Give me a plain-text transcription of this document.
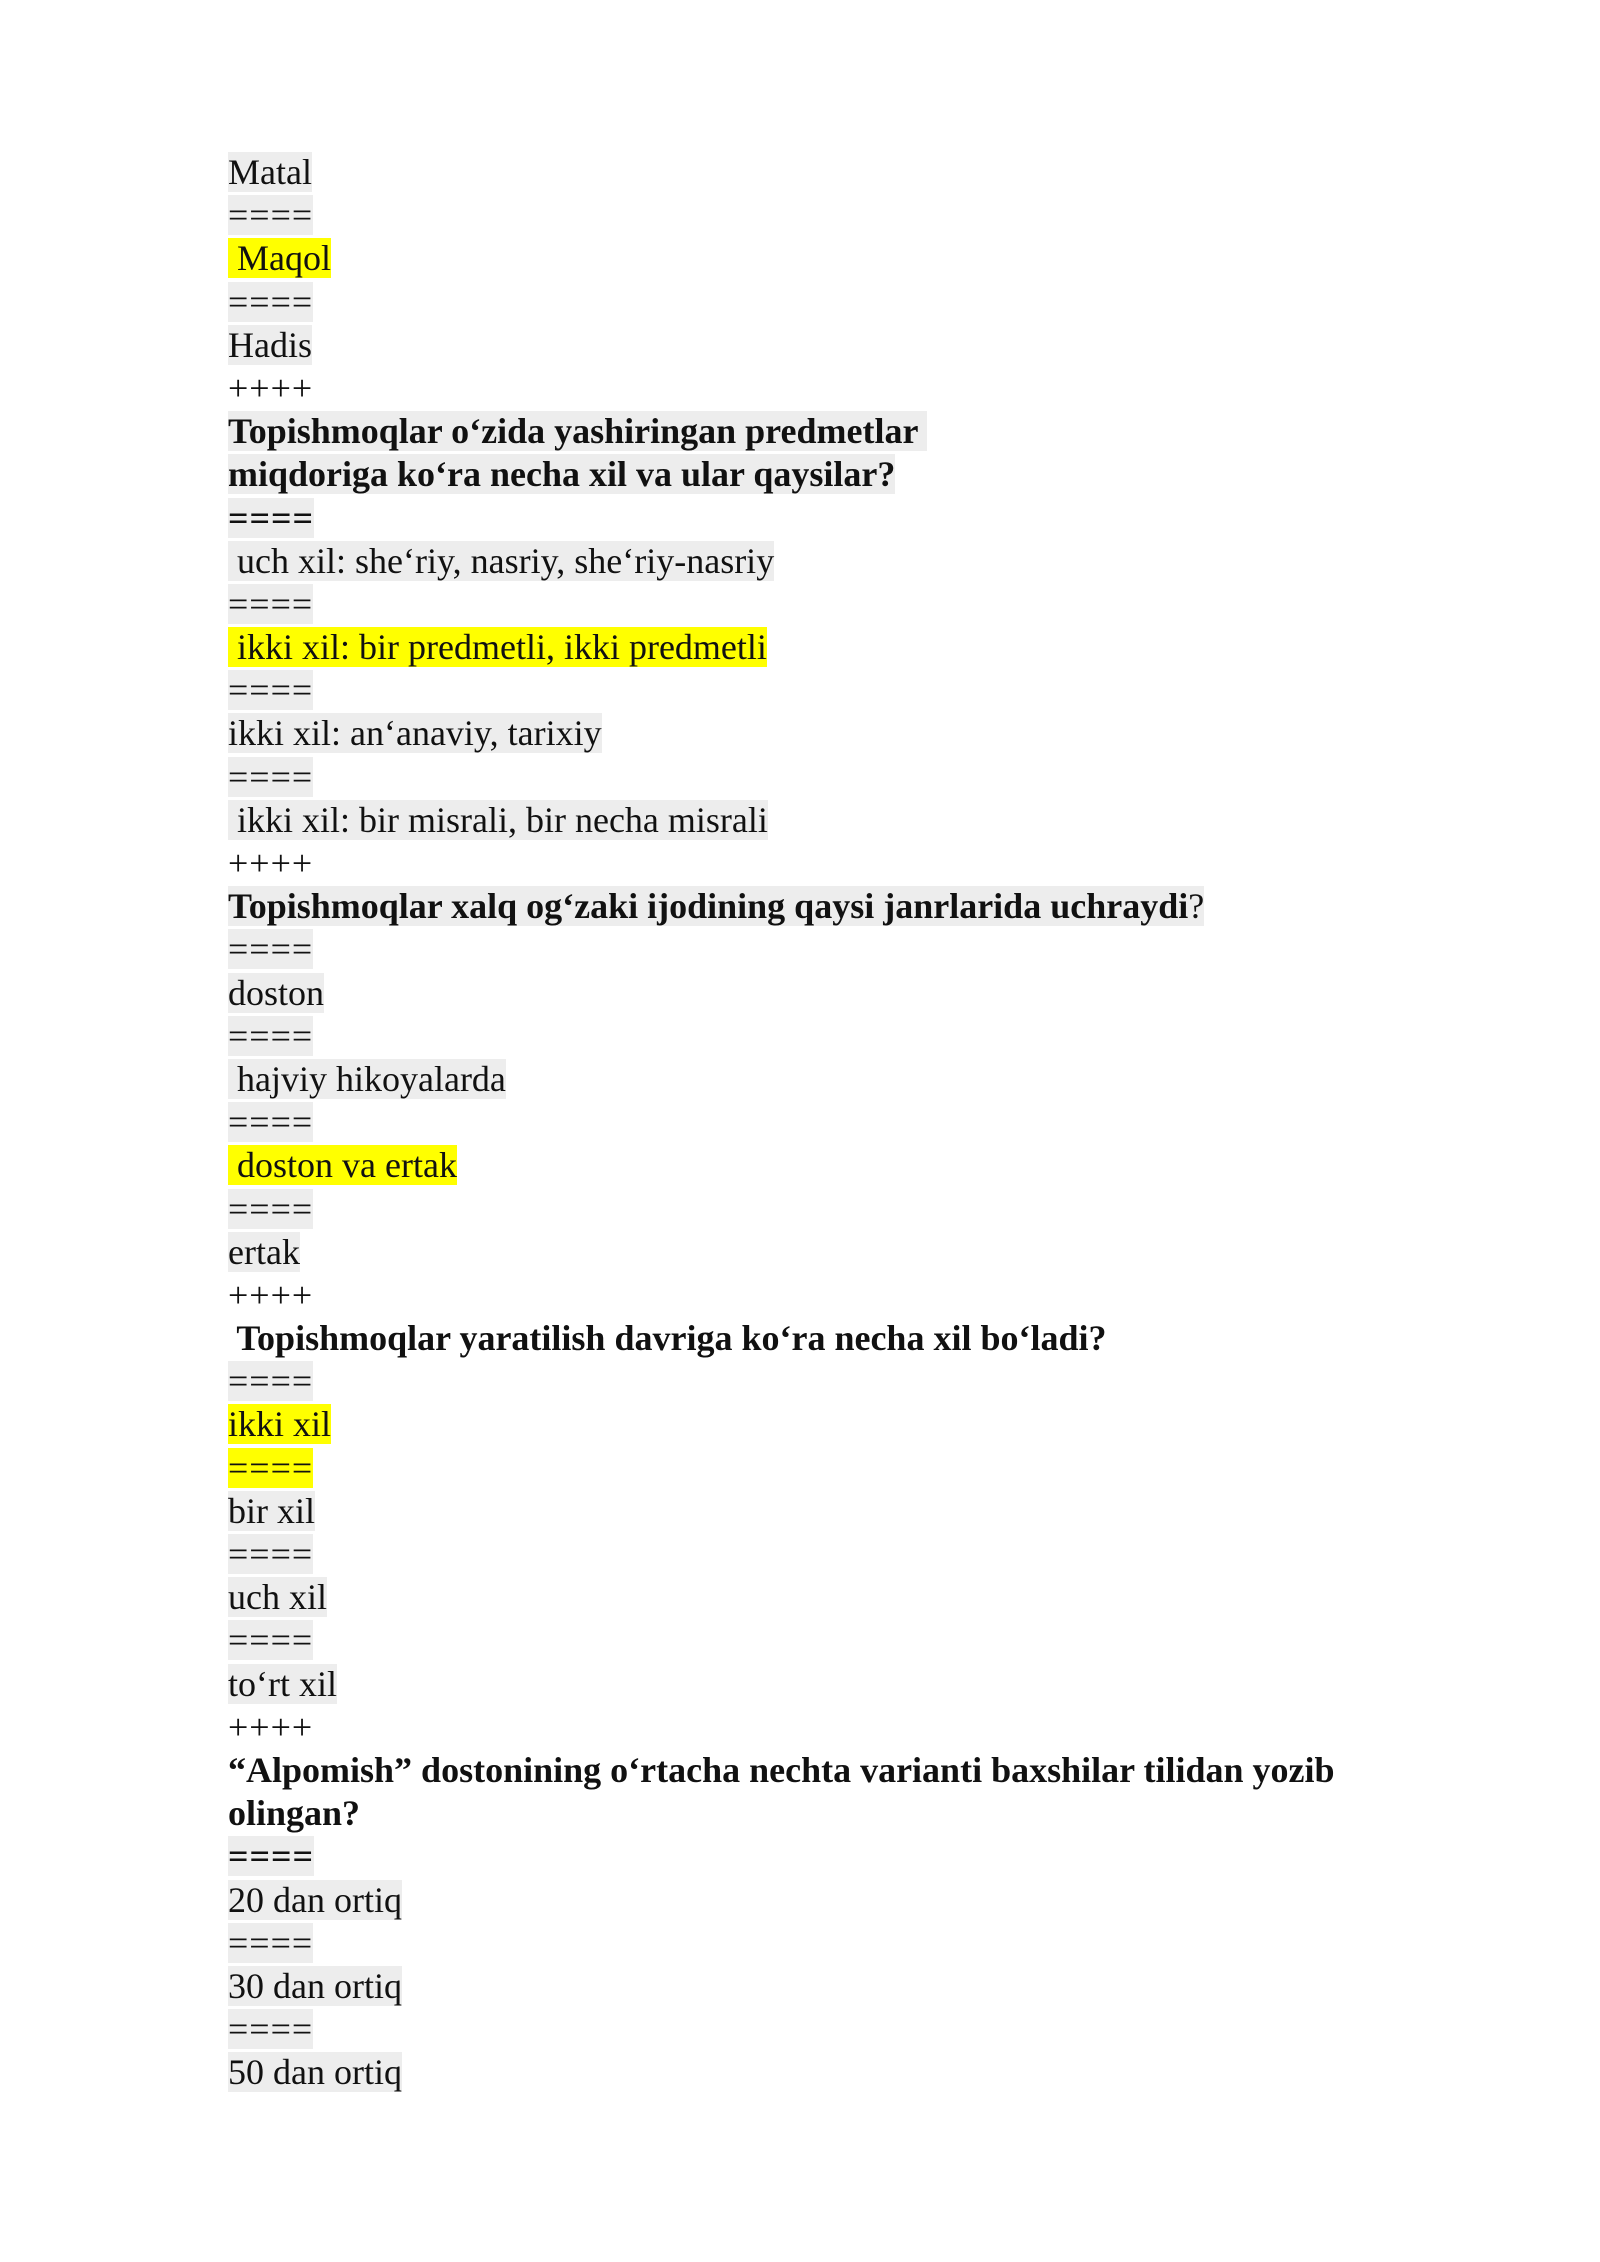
Matal
====
Maqol
====
Hadis
++++
Topishmoqlar o‘zida yashiringan predmetlar
miqdoriga ko‘ra necha xil va ular qaysilar?
====
uch xil: she‘riy, nasriy, she‘riy-nasriy
====
ikki xil: bir predmetli, ikki predmetli
====
ikki xil: an‘anaviy, tarixiy
====
ikki xil: bir misrali, bir necha misrali
++++
Topishmoqlar xalq og‘zaki ijodining qaysi janrlarida uchraydi?
====
doston
====
hajviy hikoyalarda
====
doston va ertak
====
ertak
++++
Topishmoqlar yaratilish davriga ko‘ra necha xil bo‘ladi?
====
ikki xil
====
bir xil
====
uch xil
====
to‘rt xil
++++
“Alpomish” dostonining o‘rtacha nechta varianti baxshilar tilidan yozib olingan?
====
20 dan ortiq
====
30 dan ortiq
====
50 dan ortiq
